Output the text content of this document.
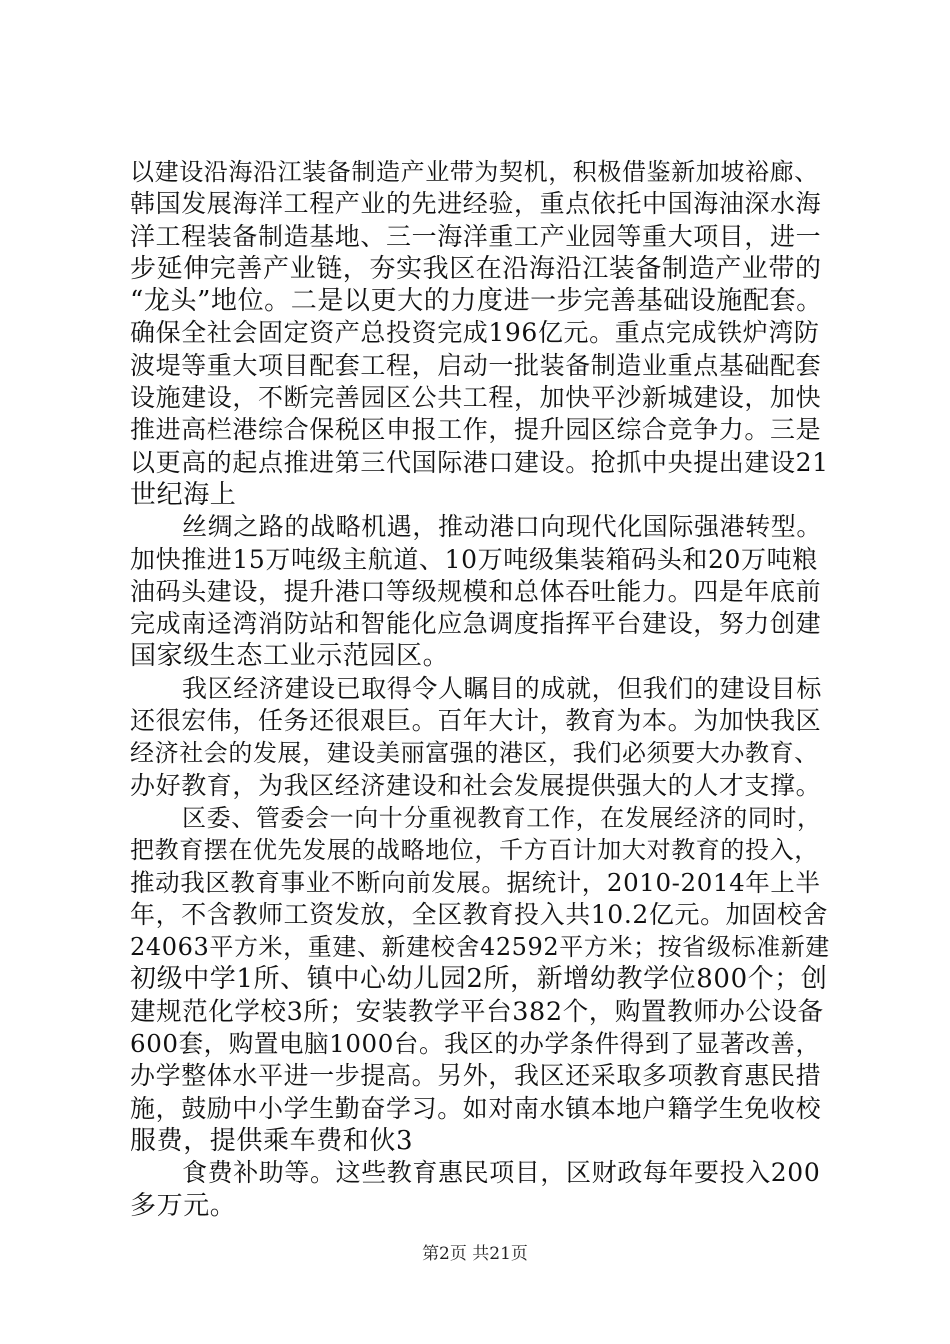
以建设沿海沿江装备制造产业带为契机，积极借鉴新加坡裕廊、
韩国发展海洋工程产业的先进经验，重点依托中国海油深水海
洋工程装备制造基地、三一海洋重工产业园等重大项目，进一
步延伸完善产业链，夯实我区在沿海沿江装备制造产业带的
“龙头”地位。二是以更大的力度进一步完善基础设施配套。
确保全社会固定资产总投资完成196亿元。重点完成铁炉湾防
波堤等重大项目配套工程，启动一批装备制造业重点基础配套
设施建设，不断完善园区公共工程，加快平沙新城建设，加快
推进高栏港综合保税区申报工作，提升园区综合竞争力。三是
以更高的起点推进第三代国际港口建设。抢抓中央提出建设21
世纪海上
丝绸之路的战略机遇，推动港口向现代化国际强港转型。
加快推进15万吨级主航道、10万吨级集装箱码头和20万吨粮
油码头建设，提升港口等级规模和总体吞吐能力。四是年底前
完成南迳湾消防站和智能化应急调度指挥平台建设，努力创建
国家级生态工业示范园区。
我区经济建设已取得令人瞩目的成就，但我们的建设目标
还很宏伟，任务还很艰巨。百年大计，教育为本。为加快我区
经济社会的发展，建设美丽富强的港区，我们必须要大办教育、
办好教育，为我区经济建设和社会发展提供强大的人才支撑。
区委、管委会一向十分重视教育工作，在发展经济的同时，
把教育摆在优先发展的战略地位，千方百计加大对教育的投入，
推动我区教育事业不断向前发展。据统计，2010-2014年上半
年，不含教师工资发放，全区教育投入共10.2亿元。加固校舍
24063平方米，重建、新建校舍42592平方米；按省级标准新建
初级中学1所、镇中心幼儿园2所，新增幼教学位800个；创
建规范化学校3所；安装教学平台382个，购置教师办公设备
600套，购置电脑1000台。我区的办学条件得到了显著改善，
办学整体水平进一步提高。另外，我区还采取多项教育惠民措
施，鼓励中小学生勤奋学习。如对南水镇本地户籍学生免收校
服费，提供乘车费和伙3
食费补助等。这些教育惠民项目，区财政每年要投入200
多万元。
第2页 共21页
